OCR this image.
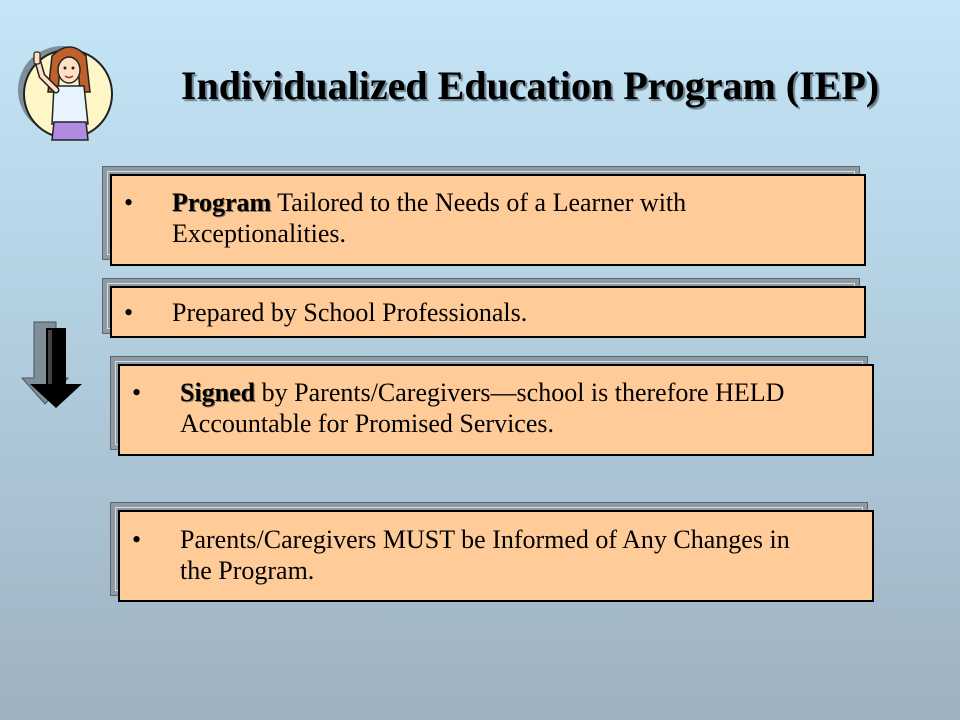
Individualized Education Program (IEP)
•	Program Tailored to the Needs of a Learner with Exceptionalities.
•	Prepared by School Professionals.
•	Signed by Parents/Caregivers—school is therefore HELD Accountable for Promised Services.
•	Parents/Caregivers MUST be Informed of Any Changes in the Program.
